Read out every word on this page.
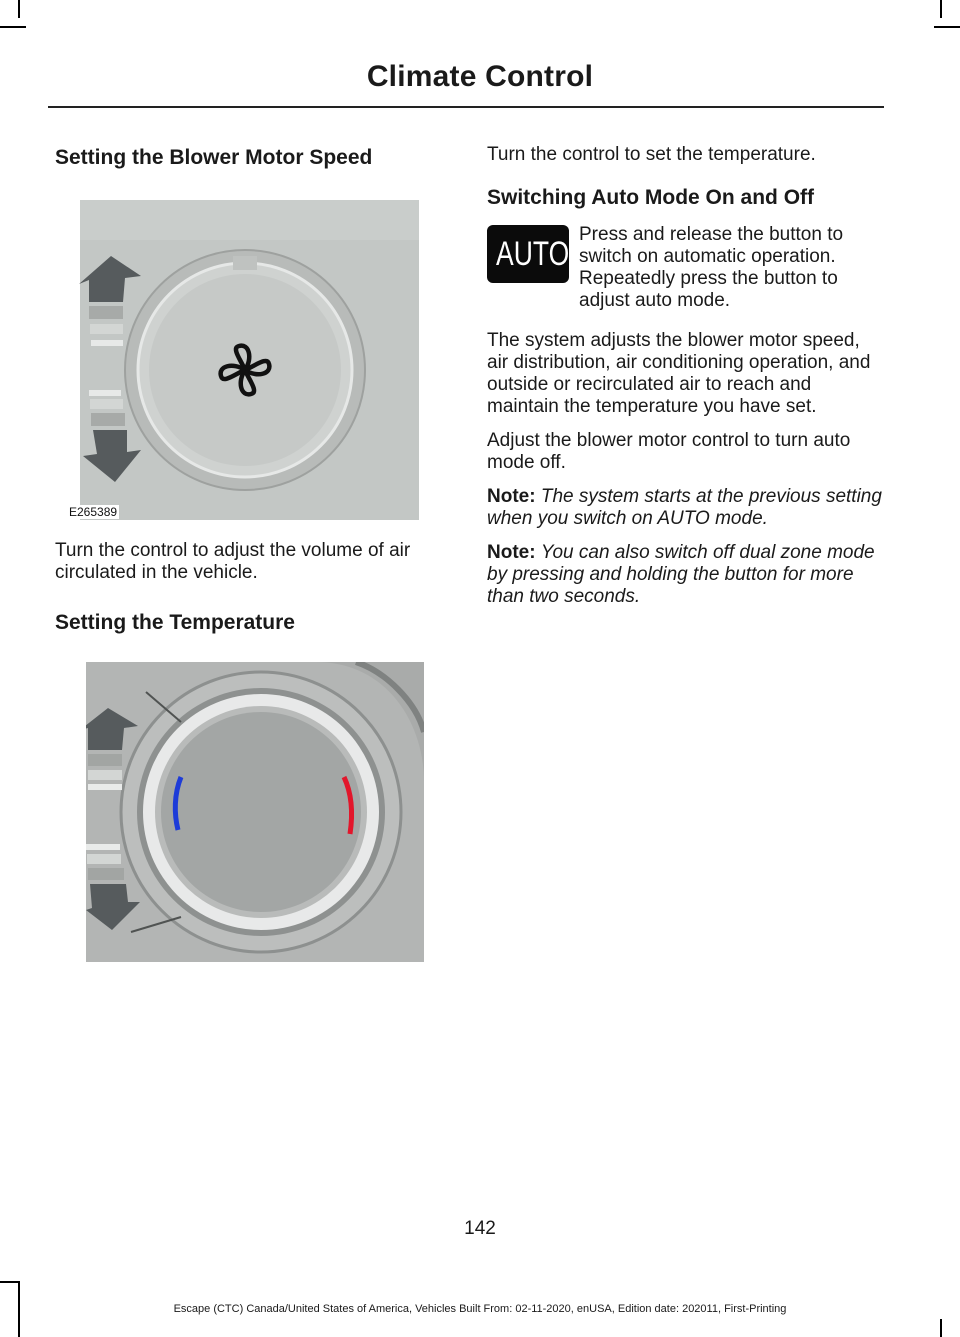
Climate Control
Setting the Blower Motor Speed
E265389

Turn the control to adjust the volume of air circulated in the vehicle.

Setting the Temperature

Turn the control to set the temperature.

Switching Auto Mode On and Off
AUTO

Press and release the button to switch on automatic operation. Repeatedly press the button to adjust auto mode.

The system adjusts the blower motor speed, air distribution, air conditioning operation, and outside or recirculated air to reach and maintain the temperature you have set.

Adjust the blower motor control to turn auto mode off.

Note: The system starts at the previous setting when you switch on AUTO mode.

Note: You can also switch off dual zone mode by pressing and holding the button for more than two seconds.

142
Escape (CTC) Canada/United States of America, Vehicles Built From: 02-11-2020, enUSA, Edition date: 202011, First-Printing
